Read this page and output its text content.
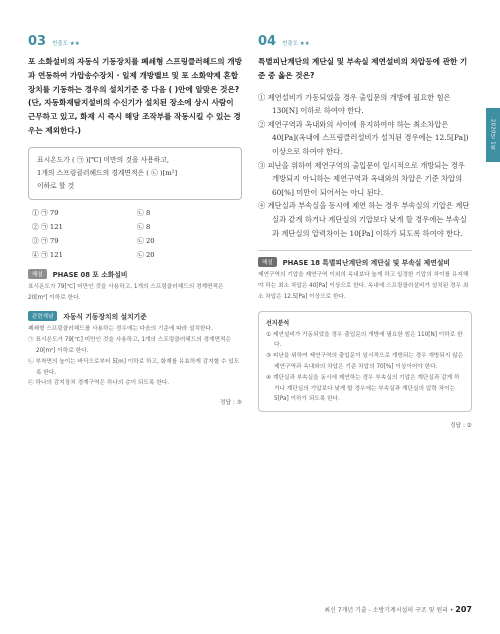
03 빈출도 ★★

포 소화설비의 자동식 기동장치를 폐쇄형 스프링클러헤드의 개방과 연동하여 가압송수장치 · 일제 개방밸브 및 포 소화약제 혼합장치를 기동하는 경우의 설치기준 중 다음 ( )안에 알맞은 것은? (단, 자동화재탐지설비의 수신기가 설치된 장소에 상시 사람이 근무하고 있고, 화재 시 즉시 해당 조작부를 작동시킬 수 있는 경우는 제외한다.)

표시온도가 ( ㉠ )[℃] 미만의 것을 사용하고,
1개의 스프링클러헤드의 경계면적은 ( ㉡ )[m²]
이하로 할 것
① ㉠ 79	㉡ 8
② ㉠ 121	㉡ 8
③ ㉠ 79	㉡ 20
④ ㉠ 121	㉡ 20
해설	PHASE 08 포 소화설비

표시온도가 79[℃] 미만인 것을 사용하고, 1개의 스프링클러헤드의 경계면적은 20[m²] 이하로 한다.

관련개념	자동식 기동장치의 설치기준

폐쇄형 스프링클러헤드를 사용하는 경우에는 다음의 기준에 따라 설치한다.

㉠ 표시온도가 79[℃] 미만인 것을 사용하고, 1개의 스프링클러헤드의 경계면적은 20[m²] 이하로 한다.

㉡ 부착면의 높이는 바닥으로부터 5[m] 이하로 하고, 화재를 유효하게 감지할 수 있도록 한다.

㉢ 하나의 감지장치 경계구역은 하나의 층이 되도록 한다.

정답 : ③
04 빈출도 ★★

특별피난계단의 계단실 및 부속실 제연설비의 차압등에 관한 기준 중 옳은 것은?

① 제연설비가 가동되었을 경우 출입문의 개방에 필요한 힘은 130[N] 이하로 하여야 한다.

② 제연구역과 옥내와의 사이에 유지하여야 하는 최소차압은 40[Pa](옥내에 스프링클러설비가 설치된 경우에는 12.5[Pa]) 이상으로 하여야 한다.

③ 피난을 위하여 제연구역의 출입문이 일시적으로 개방되는 경우 개방되지 아니하는 제연구역과 옥내와의 차압은 기준 차압의 60[%] 미만이 되어서는 아니 된다.

④ 계단실과 부속실을 동시에 제연 하는 경우 부속실의 기압은 계단실과 같게 하거나 계단실의 기압보다 낮게 할 경우에는 부속실과 계단실의 압력차이는 10[Pa] 이하가 되도록 하여야 한다.

해설	PHASE 18 특별피난계단의 계단실 및 부속실 제연설비

제연구역의 기압을 제연구역 이외의 옥내보다 높게 하고 일정한 기압의 차이를 유지해야 하는 최소 차압은 40[Pa] 이상으로 한다. 옥내에 스프링클러설비가 설치된 경우 최소 차압은 12.5[Pa] 이상으로 한다.

선지분석

① 제연설비가 가동되었을 경우 출입문의 개방에 필요한 힘은 110[N] 이하로 한다.

③ 피난을 위하여 제연구역의 출입문이 일시적으로 개방되는 경우 개방되지 않은 제연구역과 옥내와의 차압은 기준 차압의 70[%] 이상이어야 한다.

④ 계단실과 부속실을 동시에 제연하는 경우 부속실의 기압은 계단실과 같게 하거나 계단실의 기압보다 낮게 할 경우에는 부속실과 계단실의 압력 차이는 5[Pa] 이하가 되도록 한다.

정답 : ②
2020년 1회
최신 7개년 기출 - 소방기계시설의 구조 및 원리 • 207
